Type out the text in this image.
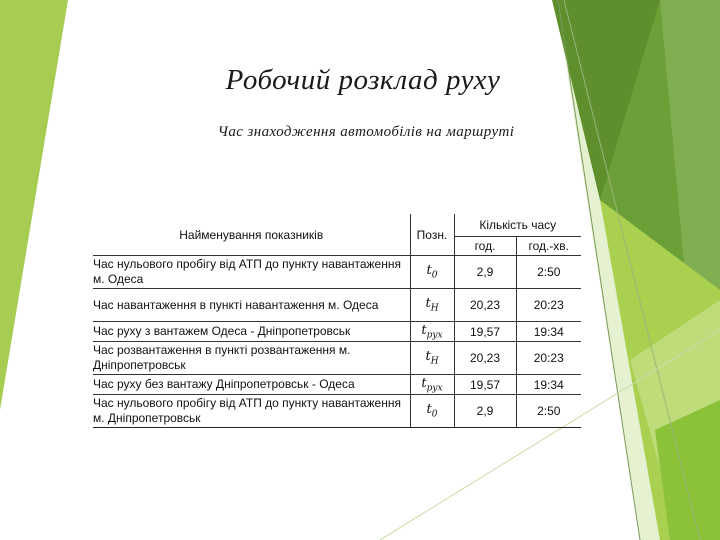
Робочий розклад руху
Час знаходження автомобілів на маршруті
Найменування показників	Позн.	Кількість часу	
		год.	год.-хв.
Час нульового пробігу від АТП до пункту навантаження м. Одеса	$t_0$	2,9	2:50
Час навантаження в пункті навантаження м. Одеса	$t_H$	20,23	20:23
Час руху з вантажем Одеса - Дніпропетровськ	$t_{рух}$	19,57	19:34
Час розвантаження в пункті розвантаження м. Дніпропетровськ	$t_H$	20,23	20:23
Час руху без вантажу Дніпропетровськ - Одеса	$t_{рух}$	19,57	19:34
Час нульового пробігу від АТП до пункту навантаження м. Дніпропетровськ	$t_0$	2,9	2:50
